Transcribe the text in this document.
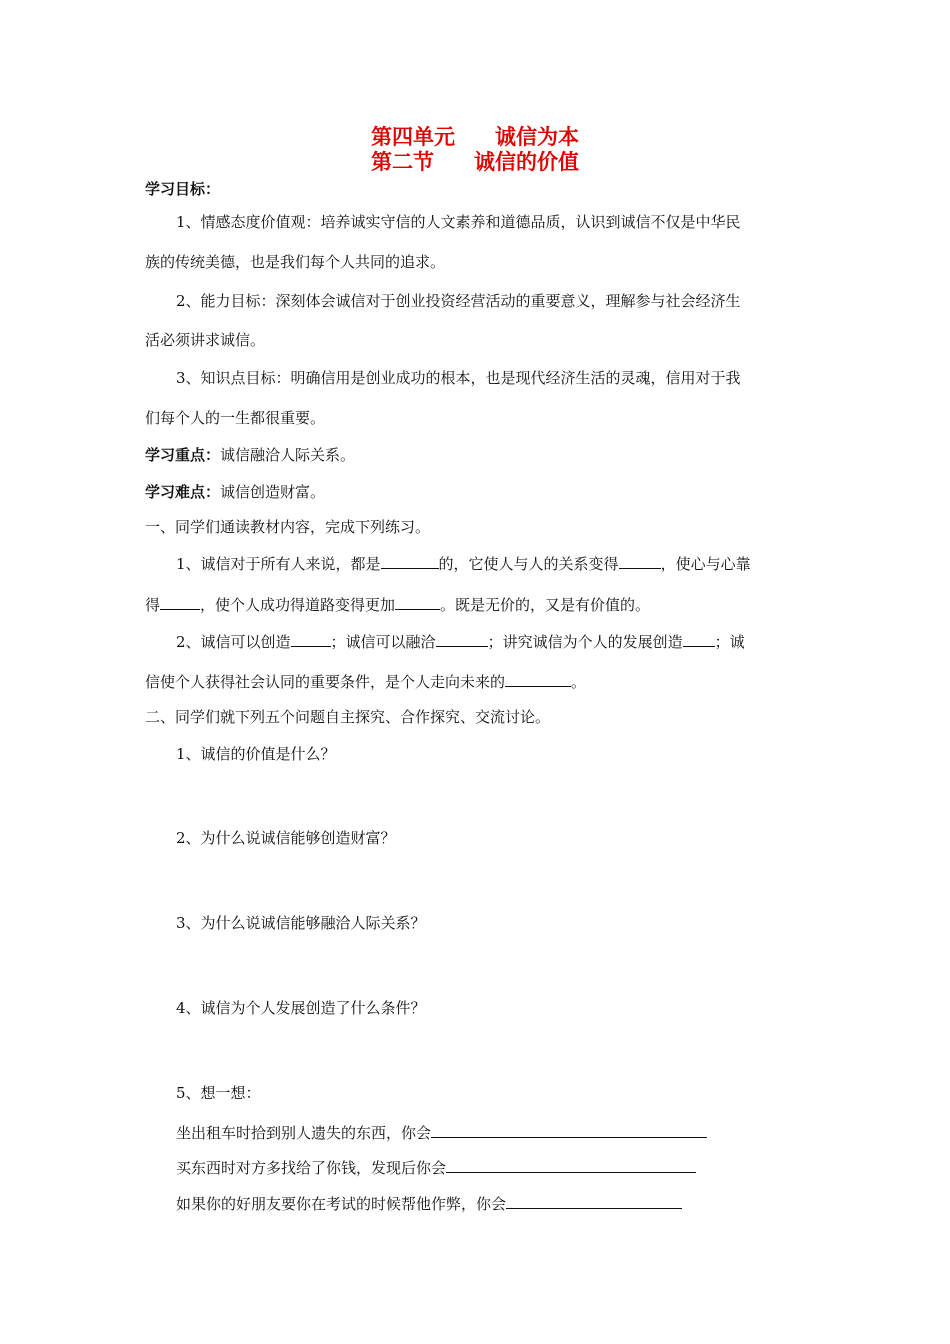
第四单元 诚信为本
第二节 诚信的价值
学习目标：
1、情感态度价值观：培养诚实守信的人文素养和道德品质，认识到诚信不仅是中华民
族的传统美德，也是我们每个人共同的追求。
2、能力目标：深刻体会诚信对于创业投资经营活动的重要意义，理解参与社会经济生
活必须讲求诚信。
3、知识点目标：明确信用是创业成功的根本，也是现代经济生活的灵魂，信用对于我
们每个人的一生都很重要。
学习重点：诚信融洽人际关系。
学习难点：诚信创造财富。
一、同学们通读教材内容，完成下列练习。
1、诚信对于所有人来说，都是	的，它使人与人的关系变得	，使心与心靠
得	，使个人成功得道路变得更加	。既是无价的，又是有价值的。
2、诚信可以创造	；诚信可以融洽	；讲究诚信为个人的发展创造 ；诚
信使个人获得社会认同的重要条件，是个人走向未来的	。
二、同学们就下列五个问题自主探究、合作探究、交流讨论。
1、诚信的价值是什么？
2、为什么说诚信能够创造财富？
3、为什么说诚信能够融洽人际关系？
4、诚信为个人发展创造了什么条件？
5、想一想：
坐出租车时拾到别人遗失的东西，你会
买东西时对方多找给了你钱，发现后你会
如果你的好朋友要你在考试的时候帮他作弊，你会
